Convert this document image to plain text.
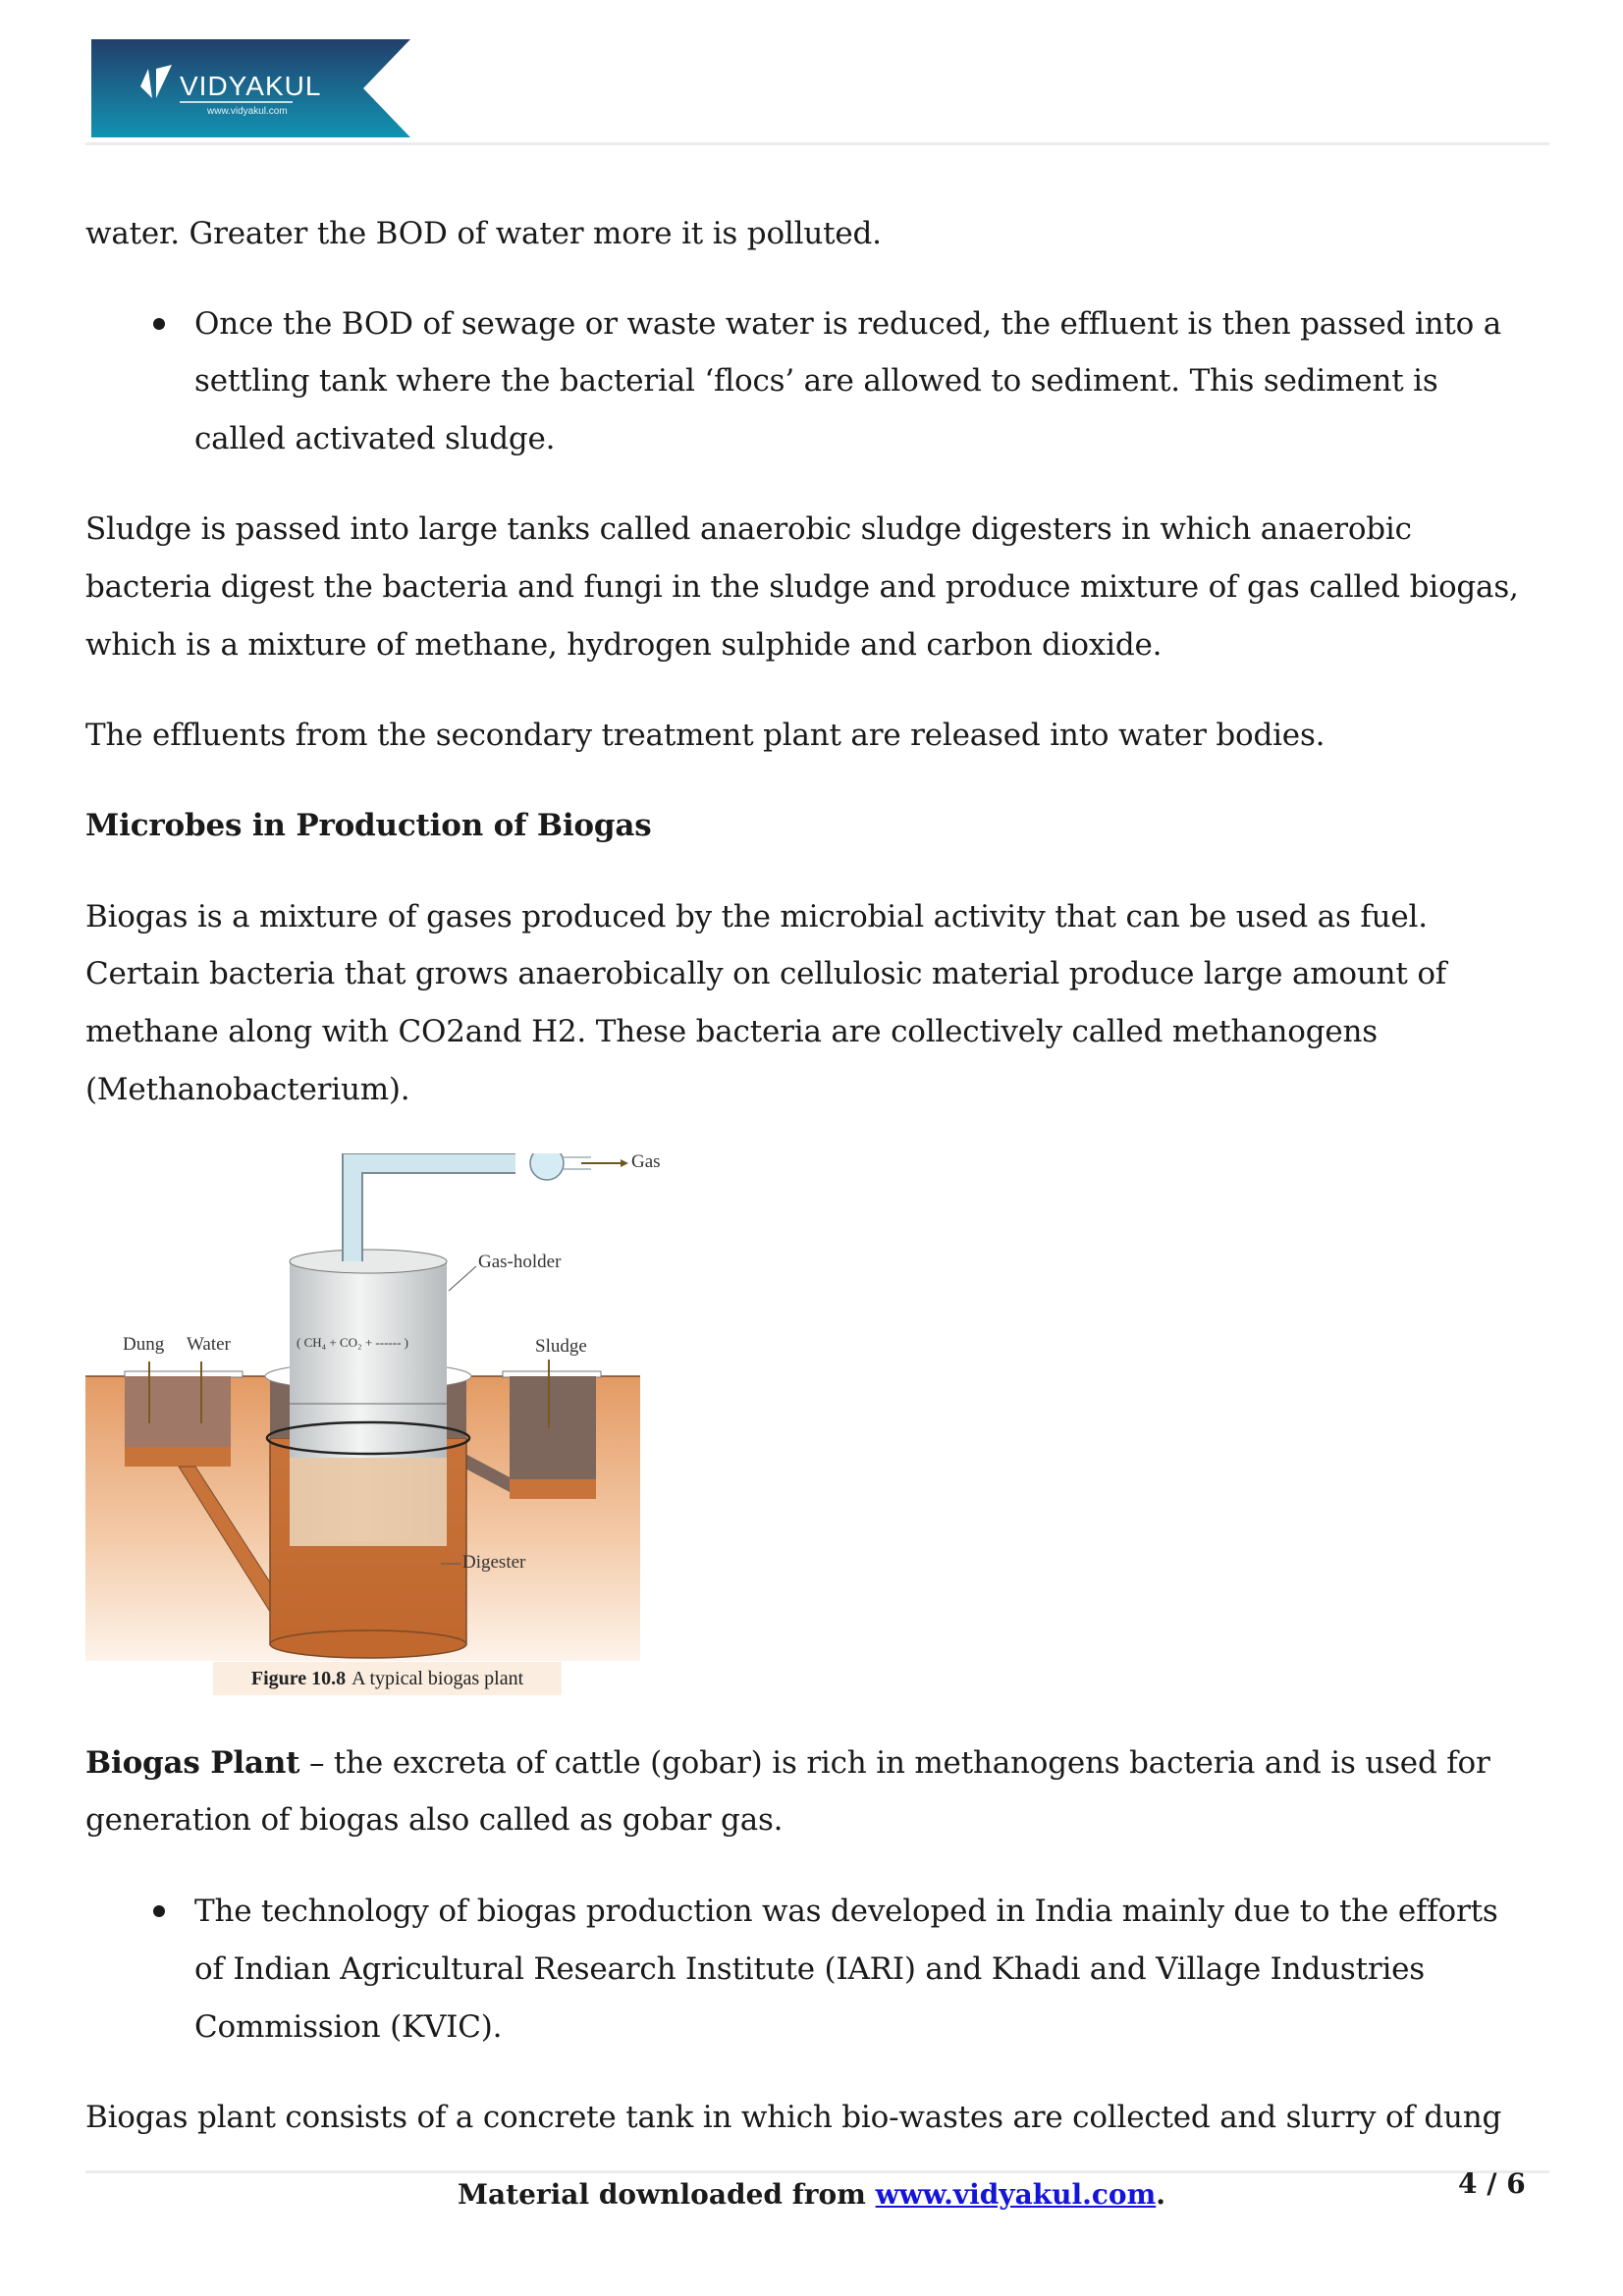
VIDYAKUL
www.vidyakul.com
water. Greater the BOD of water more it is polluted.
Once the BOD of sewage or waste water is reduced, the effluent is then passed into a
settling tank where the bacterial ‘flocs’ are allowed to sediment. This sediment is
called activated sludge.
Sludge is passed into large tanks called anaerobic sludge digesters in which anaerobic
bacteria digest the bacteria and fungi in the sludge and produce mixture of gas called biogas,
which is a mixture of methane, hydrogen sulphide and carbon dioxide.
The effluents from the secondary treatment plant are released into water bodies.
Microbes in Production of Biogas
Biogas is a mixture of gases produced by the microbial activity that can be used as fuel.
Certain bacteria that grows anaerobically on cellulosic material produce large amount of
methane along with CO2and H2. These bacteria are collectively called methanogens
(Methanobacterium).
Gas
Gas-holder
Dung Water	Sludge
Digester
( CH₄ + CO₂ + ------ )
Figure 10.8 A typical biogas plant
Biogas Plant – the excreta of cattle (gobar) is rich in methanogens bacteria and is used for
generation of biogas also called as gobar gas.
The technology of biogas production was developed in India mainly due to the efforts
of Indian Agricultural Research Institute (IARI) and Khadi and Village Industries
Commission (KVIC).
Biogas plant consists of a concrete tank in which bio-wastes are collected and slurry of dung
Material downloaded from www.vidyakul.com.	4 / 6
